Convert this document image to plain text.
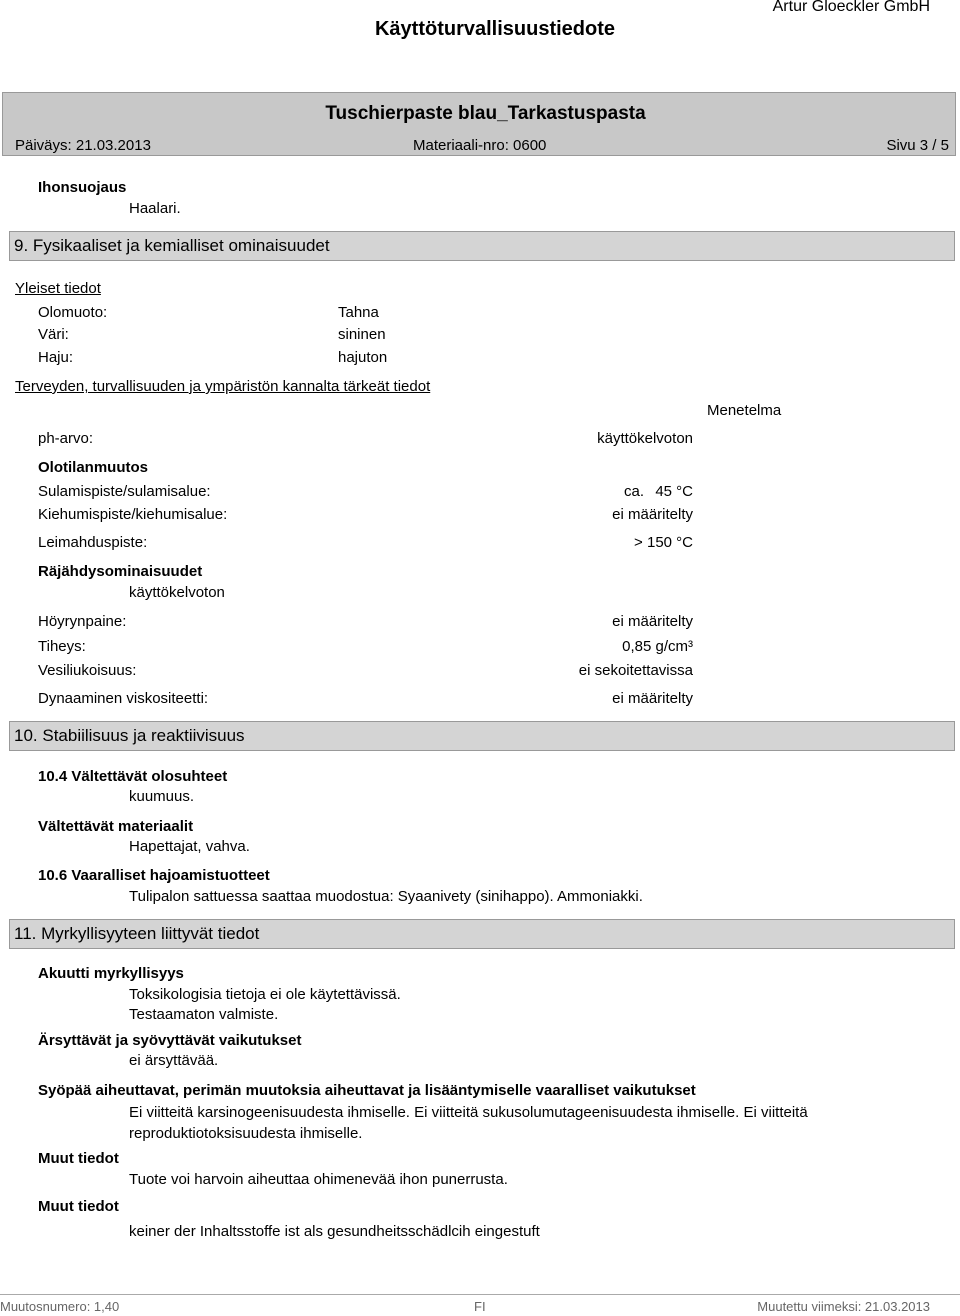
Käyttöturvallisuustiedote
Artur Gloeckler GmbH
Tuschierpaste blau_Tarkastuspasta
Päiväys: 21.03.2013	Materiaali-nro: 0600	Sivu 3 / 5
Ihonsuojaus
Haalari.
9. Fysikaaliset ja kemialliset ominaisuudet
Yleiset tiedot
Olomuoto:	Tahna
Väri:	sininen
Haju:	hajuton
Terveyden, turvallisuuden ja ympäristön kannalta tärkeät tiedot
Menetelma
ph-arvo:	käyttökelvoton
Olotilanmuutos
Sulamispiste/sulamisalue:	ca. 45 °C
Kiehumispiste/kiehumisalue:	ei määritelty
Leimahduspiste:	> 150 °C
Räjähdysominaisuudet
käyttökelvoton
Höyrynpaine:	ei määritelty
Tiheys:	0,85 g/cm³
Vesiliukoisuus:	ei sekoitettavissa
Dynaaminen viskositeetti:	ei määritelty
10. Stabiilisuus ja reaktiivisuus
10.4 Vältettävät olosuhteet
kuumuus.
Vältettävät materiaalit
Hapettajat, vahva.
10.6 Vaaralliset hajoamistuotteet
Tulipalon sattuessa saattaa muodostua: Syaanivety (sinihappo). Ammoniakki.
11. Myrkyllisyyteen liittyvät tiedot
Akuutti myrkyllisyys
Toksikologisia tietoja ei ole käytettävissä.
Testaamaton valmiste.
Ärsyttävät ja syövyttävät vaikutukset
ei ärsyttävää.
Syöpää aiheuttavat, perimän muutoksia aiheuttavat ja lisääntymiselle vaaralliset vaikutukset
Ei viitteitä karsinogeenisuudesta ihmiselle. Ei viitteitä sukusolumutageenisuudesta ihmiselle. Ei viitteitä
reproduktiotoksisuudesta ihmiselle.
Muut tiedot
Tuote voi harvoin aiheuttaa ohimenevää ihon punerrusta.
Muut tiedot
keiner der Inhaltsstoffe ist als gesundheitsschädlcih eingestuft
Muutosnumero: 1,40	FI	Muutettu viimeksi: 21.03.2013
